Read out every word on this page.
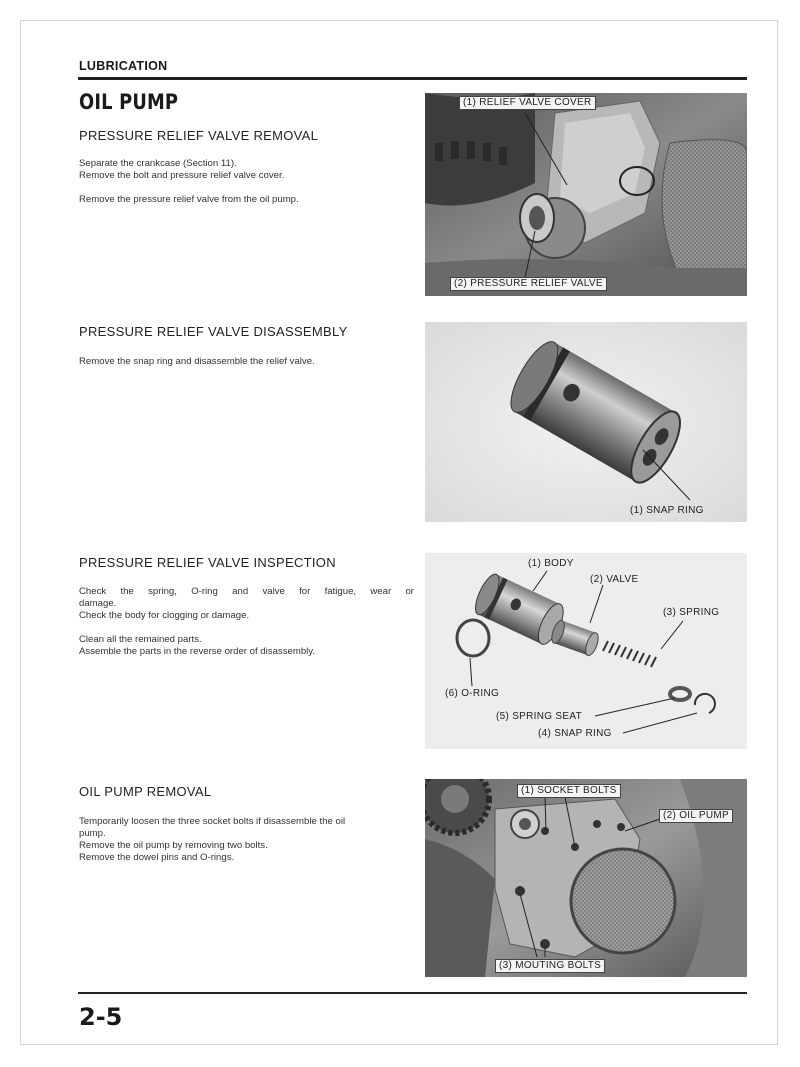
LUBRICATION
OIL PUMP
PRESSURE RELIEF VALVE REMOVAL

Separate the crankcase (Section 11).

Remove the bolt and pressure relief valve cover.

Remove the pressure relief valve from the oil pump.

(1) RELIEF VALVE COVER
(2) PRESSURE RELIEF VALVE
PRESSURE RELIEF VALVE DISASSEMBLY

Remove the snap ring and disassemble the relief valve.

(1) SNAP RING
PRESSURE RELIEF VALVE INSPECTION

Check the spring, O-ring and valve for fatigue, wear or

damage.

Check the body for clogging or damage.

Clean all the remained parts.

Assemble the parts in the reverse order of disassembly.

(1) BODY
(2) VALVE
(3) SPRING
(6) O-RING
(5) SPRING SEAT
(4) SNAP RING
OIL PUMP REMOVAL

Temporarily loosen the three socket bolts if disassemble the oil

pump.

Remove the oil pump by removing two bolts.

Remove the dowel pins and O-rings.

(1) SOCKET BOLTS
(2) OIL PUMP
(3) MOUTING BOLTS
2-5
